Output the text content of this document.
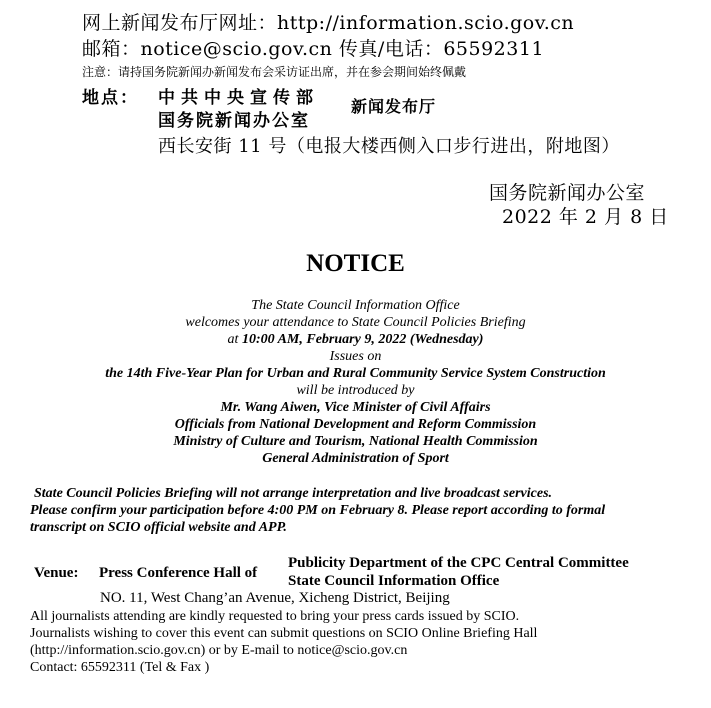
网上新闻发布厅网址：http://information.scio.gov.cn
邮箱：notice@scio.gov.cn 传真/电话：65592311
注意：请持国务院新闻办新闻发布会采访证出席，并在参会期间始终佩戴
地点： 中共中央宣传部
国务院新闻办公室
新闻发布厅
西长安街 11 号（电报大楼西侧入口步行进出，附地图）
国务院新闻办公室
2022 年 2 月 8 日
NOTICE
The State Council Information Office
welcomes your attendance to State Council Policies Briefing
at 10:00 AM, February 9, 2022 (Wednesday)
Issues on
the 14th Five-Year Plan for Urban and Rural Community Service System Construction
will be introduced by
Mr. Wang Aiwen, Vice Minister of Civil Affairs
Officials from National Development and Reform Commission
Ministry of Culture and Tourism, National Health Commission
General Administration of Sport
State Council Policies Briefing will not arrange interpretation and live broadcast services.
Please confirm your participation before 4:00 PM on February 8. Please report according to formal
transcript on SCIO official website and APP.
Venue: Press Conference Hall of
Publicity Department of the CPC Central Committee
State Council Information Office
NO. 11, West Chang’an Avenue, Xicheng District, Beijing
All journalists attending are kindly requested to bring your press cards issued by SCIO.
Journalists wishing to cover this event can submit questions on SCIO Online Briefing Hall
(http://information.scio.gov.cn) or by E-mail to notice@scio.gov.cn
Contact: 65592311 (Tel & Fax )
